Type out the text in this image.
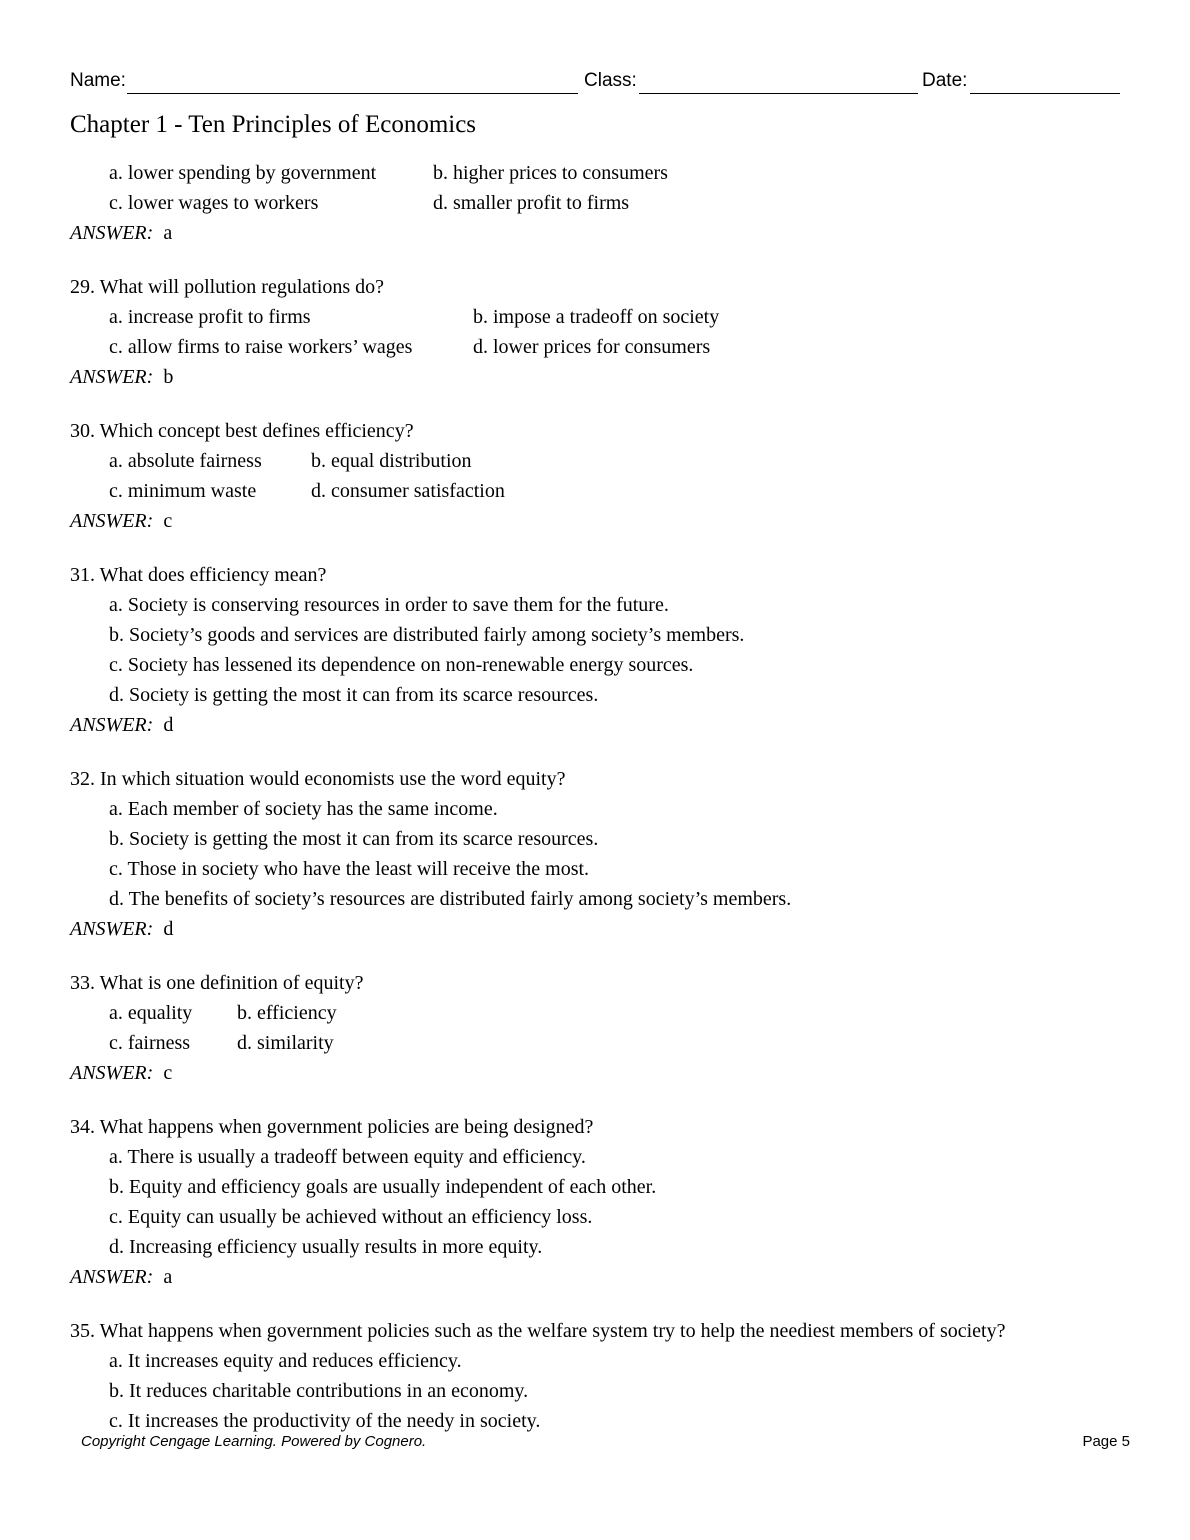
Name:	Class:	Date:
Chapter 1 - Ten Principles of Economics
a. lower spending by government	b. higher prices to consumers
c. lower wages to workers	d. smaller profit to firms
ANSWER: a
29. What will pollution regulations do?
a. increase profit to firms	b. impose a tradeoff on society
c. allow firms to raise workers’ wages	d. lower prices for consumers
ANSWER: b
30. Which concept best defines efficiency?
a. absolute fairness	b. equal distribution
c. minimum waste	d. consumer satisfaction
ANSWER: c
31. What does efficiency mean?
a. Society is conserving resources in order to save them for the future.
b. Society’s goods and services are distributed fairly among society’s members.
c. Society has lessened its dependence on non-renewable energy sources.
d. Society is getting the most it can from its scarce resources.
ANSWER: d
32. In which situation would economists use the word equity?
a. Each member of society has the same income.
b. Society is getting the most it can from its scarce resources.
c. Those in society who have the least will receive the most.
d. The benefits of society’s resources are distributed fairly among society’s members.
ANSWER: d
33. What is one definition of equity?
a. equality	b. efficiency
c. fairness	d. similarity
ANSWER: c
34. What happens when government policies are being designed?
a. There is usually a tradeoff between equity and efficiency.
b. Equity and efficiency goals are usually independent of each other.
c. Equity can usually be achieved without an efficiency loss.
d. Increasing efficiency usually results in more equity.
ANSWER: a
35. What happens when government policies such as the welfare system try to help the neediest members of society?
a. It increases equity and reduces efficiency.
b. It reduces charitable contributions in an economy.
c. It increases the productivity of the needy in society.
Copyright Cengage Learning. Powered by Cognero.	Page 5
